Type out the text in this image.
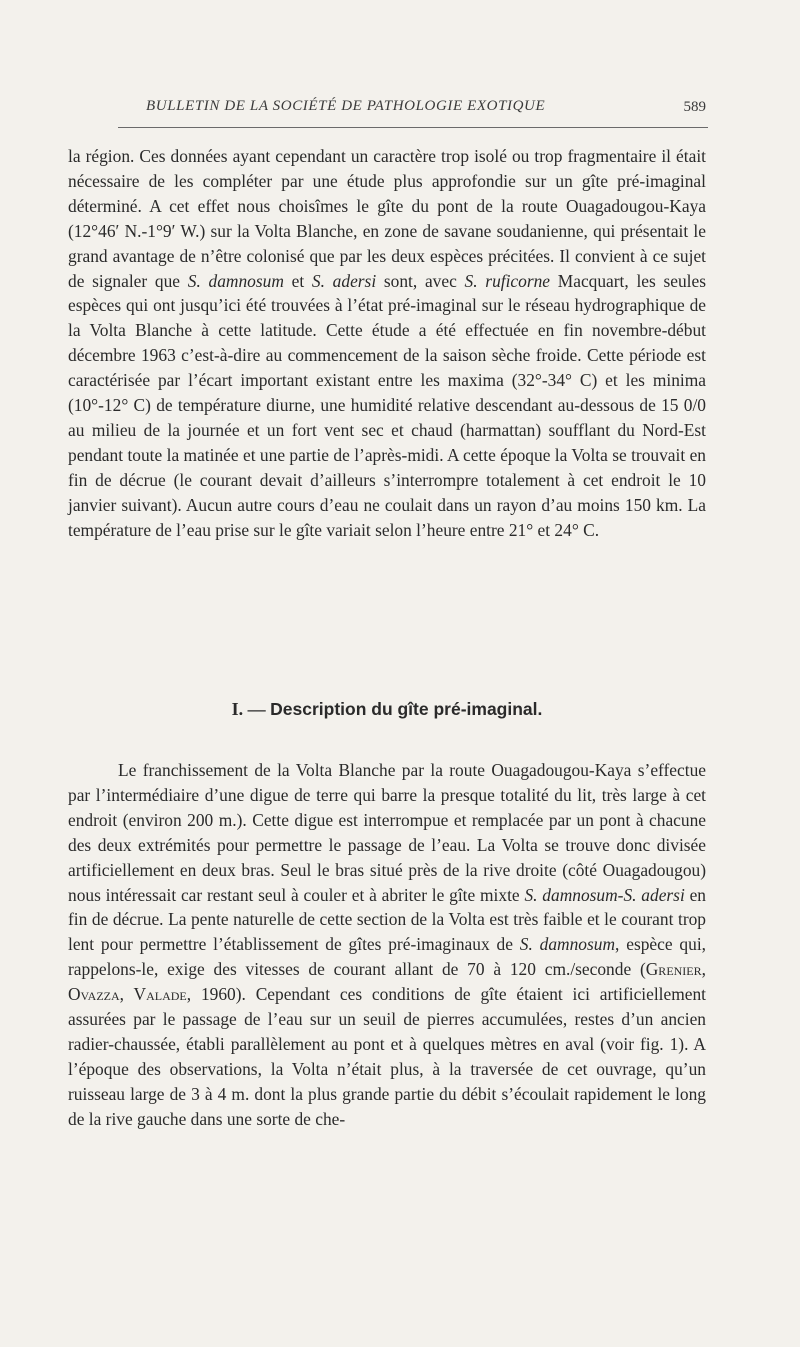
BULLETIN DE LA SOCIÉTÉ DE PATHOLOGIE EXOTIQUE	589

la région. Ces données ayant cependant un caractère trop isolé ou trop fragmentaire il était nécessaire de les compléter par une étude plus approfondie sur un gîte pré-imaginal déterminé. A cet effet nous choisîmes le gîte du pont de la route Ouagadougou-Kaya (12°46′ N.-1°9′ W.) sur la Volta Blanche, en zone de savane soudanienne, qui présentait le grand avantage de n’être colonisé que par les deux espèces précitées. Il convient à ce sujet de signaler que S. damnosum et S. adersi sont, avec S. ruficorne Macquart, les seules espèces qui ont jusqu’ici été trouvées à l’état pré-imaginal sur le réseau hydrographique de la Volta Blanche à cette latitude. Cette étude a été effectuée en fin novembre-début décembre 1963 c’est-à-dire au commencement de la saison sèche froide. Cette période est caractérisée par l’écart important existant entre les maxima (32°-34° C) et les minima (10°-12° C) de température diurne, une humidité relative descendant au-dessous de 15 0/0 au milieu de la journée et un fort vent sec et chaud (harmattan) soufflant du Nord-Est pendant toute la matinée et une partie de l’après-midi. A cette époque la Volta se trouvait en fin de décrue (le courant devait d’ailleurs s’interrompre totalement à cet endroit le 10 janvier suivant). Aucun autre cours d’eau ne coulait dans un rayon d’au moins 150 km. La température de l’eau prise sur le gîte variait selon l’heure entre 21° et 24° C.

I. — Description du gîte pré-imaginal.

Le franchissement de la Volta Blanche par la route Ouagadougou-Kaya s’effectue par l’intermédiaire d’une digue de terre qui barre la presque totalité du lit, très large à cet endroit (environ 200 m.). Cette digue est interrompue et remplacée par un pont à chacune des deux extrémités pour permettre le passage de l’eau. La Volta se trouve donc divisée artificiellement en deux bras. Seul le bras situé près de la rive droite (côté Ouagadougou) nous intéressait car restant seul à couler et à abriter le gîte mixte S. damnosum-S. adersi en fin de décrue. La pente naturelle de cette section de la Volta est très faible et le courant trop lent pour permettre l’établissement de gîtes pré-imaginaux de S. damnosum, espèce qui, rappelons-le, exige des vitesses de courant allant de 70 à 120 cm./seconde (Grenier, Ovazza, Valade, 1960). Cependant ces conditions de gîte étaient ici artificiellement assurées par le passage de l’eau sur un seuil de pierres accumulées, restes d’un ancien radier-chaussée, établi parallèlement au pont et à quelques mètres en aval (voir fig. 1). A l’époque des observations, la Volta n’était plus, à la traversée de cet ouvrage, qu’un ruisseau large de 3 à 4 m. dont la plus grande partie du débit s’écoulait rapidement le long de la rive gauche dans une sorte de che-
